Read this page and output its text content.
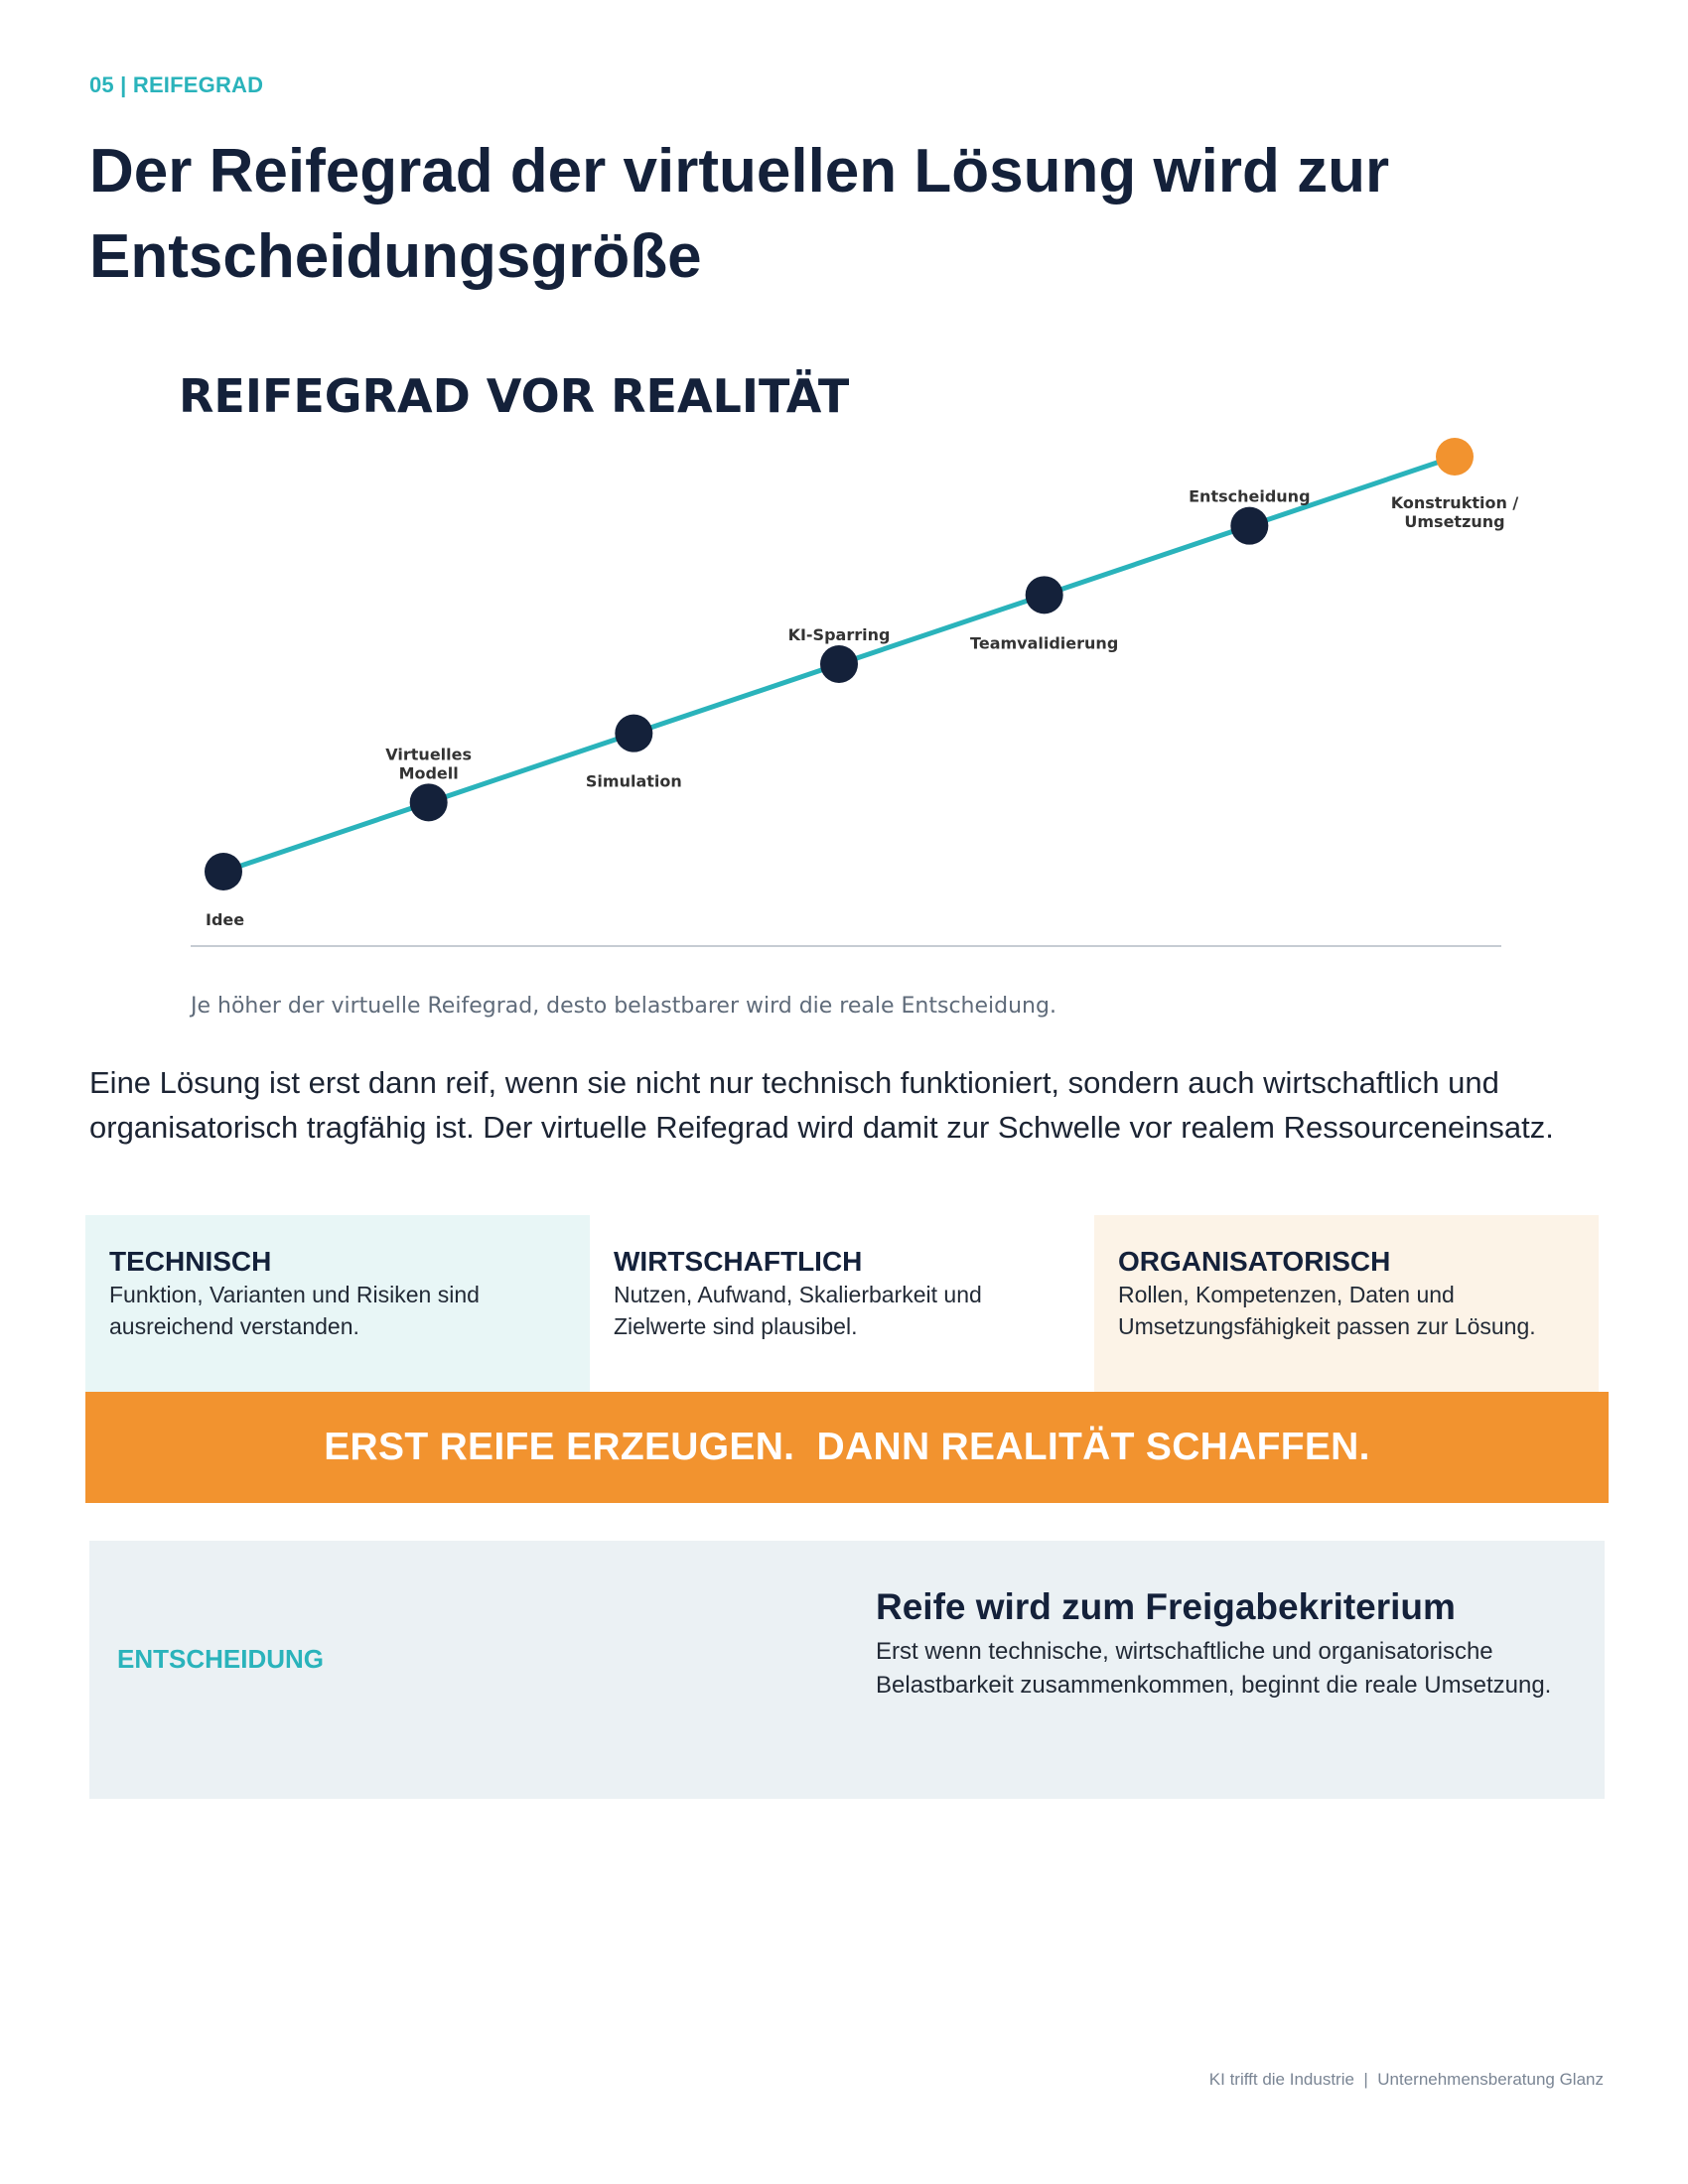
05 | REIFEGRAD
Der Reifegrad der virtuellen Lösung wird zur Entscheidungsgröße
REIFEGRAD VOR REALITÄT
Idee
Virtuelles Modell	Simulation
KI-Sparring	Teamvalidierung
Entscheidung	Konstruktion / Umsetzung
Je höher der virtuelle Reifegrad, desto belastbarer wird die reale Entscheidung.

Eine Lösung ist erst dann reif, wenn sie nicht nur technisch funktioniert, sondern auch wirtschaftlich und organisatorisch tragfähig ist. Der virtuelle Reifegrad wird damit zur Schwelle vor realem Ressourceneinsatz.

TECHNISCH
Funktion, Varianten und Risiken sind ausreichend verstanden.
WIRTSCHAFTLICH
Nutzen, Aufwand, Skalierbarkeit und Zielwerte sind plausibel.
ORGANISATORISCH
Rollen, Kompetenzen, Daten und Umsetzungsfähigkeit passen zur Lösung.
ERST REIFE ERZEUGEN.  DANN REALITÄT SCHAFFEN.
ENTSCHEIDUNG
Reife wird zum Freigabekriterium
Erst wenn technische, wirtschaftliche und organisatorische Belastbarkeit zusammenkommen, beginnt die reale Umsetzung.
KI trifft die Industrie  |  Unternehmensberatung Glanz
